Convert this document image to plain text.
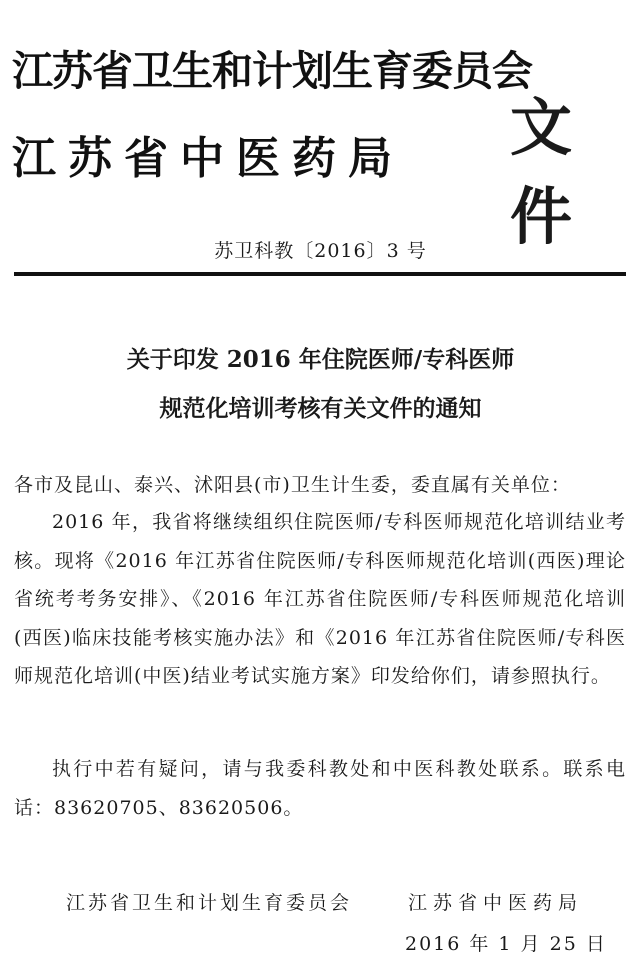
江苏省卫生和计划生育委员会
江苏省中医药局 文件
苏卫科教〔2016〕3 号
关于印发 2016 年住院医师/专科医师
规范化培训考核有关文件的通知
各市及昆山、泰兴、沭阳县(市)卫生计生委，委直属有关单位：
2016 年，我省将继续组织住院医师/专科医师规范化培训结业考核。现将《2016 年江苏省住院医师/专科医师规范化培训(西医)理论省统考考务安排》、《2016 年江苏省住院医师/专科医师规范化培训(西医)临床技能考核实施办法》和《2016 年江苏省住院医师/专科医师规范化培训(中医)结业考试实施方案》印发给你们，请参照执行。
执行中若有疑问，请与我委科教处和中医科教处联系。联系电话：83620705、83620506。
江苏省卫生和计划生育委员会	江苏省中医药局
2016 年 1 月 25 日
